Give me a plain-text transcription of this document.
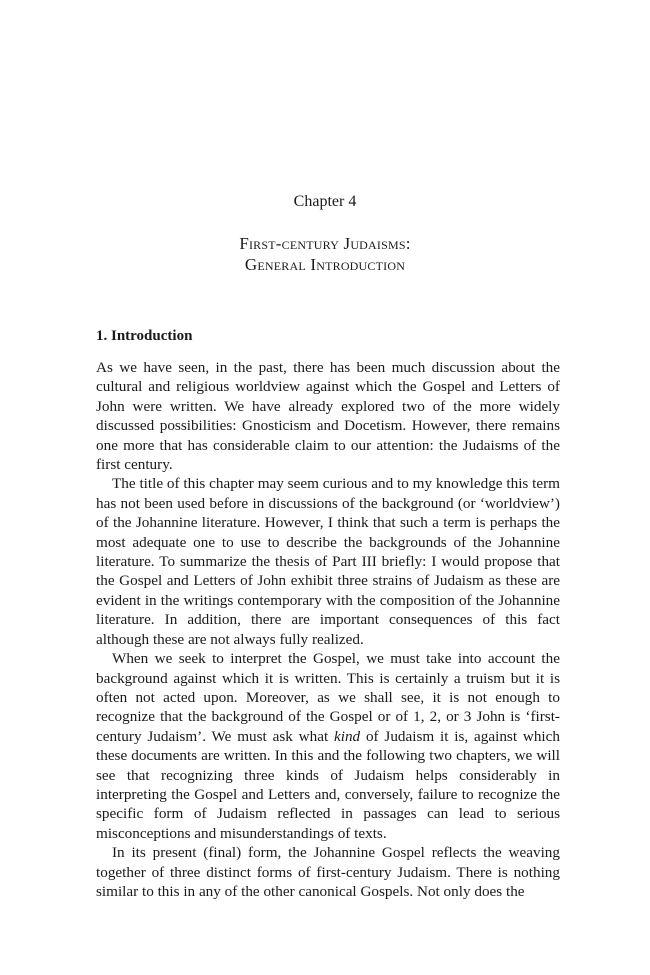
Chapter 4
First-century Judaisms:
General Introduction
1. Introduction

As we have seen, in the past, there has been much discussion about the cultural and religious worldview against which the Gospel and Letters of John were written. We have already explored two of the more widely discussed possibilities: Gnosticism and Docetism. However, there remains one more that has considerable claim to our attention: the Judaisms of the first century.

The title of this chapter may seem curious and to my knowledge this term has not been used before in discussions of the background (or ‘worldview’) of the Johannine literature. However, I think that such a term is perhaps the most adequate one to use to describe the backgrounds of the Johannine literature. To summarize the thesis of Part III briefly: I would propose that the Gospel and Letters of John exhibit three strains of Judaism as these are evident in the writings contemporary with the composition of the Johannine literature. In addition, there are important consequences of this fact although these are not always fully realized.

When we seek to interpret the Gospel, we must take into account the background against which it is written. This is certainly a truism but it is often not acted upon. Moreover, as we shall see, it is not enough to recognize that the background of the Gospel or of 1, 2, or 3 John is ‘first-century Judaism’. We must ask what kind of Judaism it is, against which these documents are written. In this and the following two chapters, we will see that recognizing three kinds of Judaism helps considerably in interpreting the Gospel and Letters and, conversely, failure to recognize the specific form of Judaism reflected in passages can lead to serious misconceptions and misunderstandings of texts.

In its present (final) form, the Johannine Gospel reflects the weaving together of three distinct forms of first-century Judaism. There is nothing similar to this in any of the other canonical Gospels. Not only does the
